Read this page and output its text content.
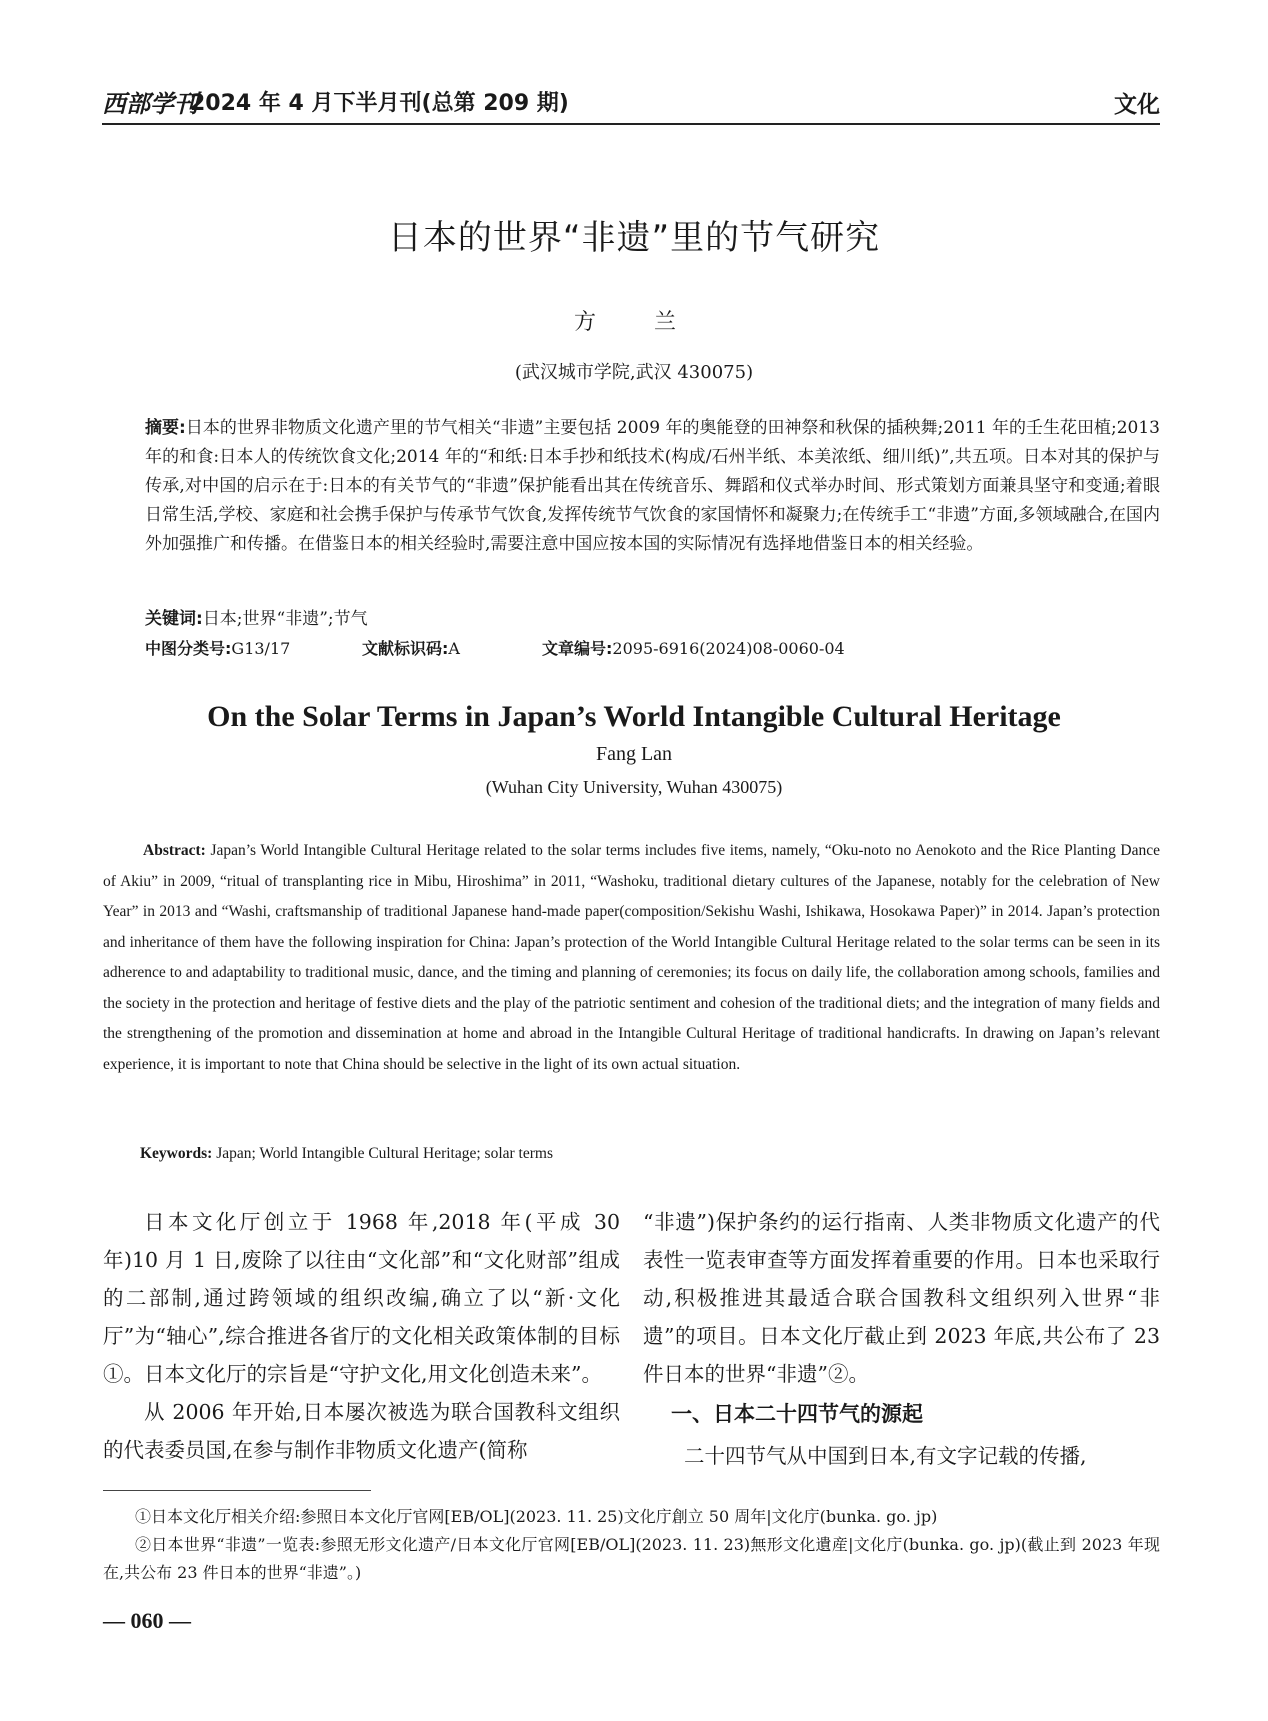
西部学刊
2024 年 4 月下半月刊(总第 209 期)	文化
日本的世界“非遗”里的节气研究
方　兰
(武汉城市学院,武汉 430075)
摘要:日本的世界非物质文化遗产里的节气相关“非遗”主要包括 2009 年的奥能登的田神祭和秋保的插秧舞;2011 年的壬生花田植;2013 年的和食:日本人的传统饮食文化;2014 年的“和纸:日本手抄和纸技术(构成/石州半纸、本美浓纸、细川纸)”,共五项。日本对其的保护与传承,对中国的启示在于:日本的有关节气的“非遗”保护能看出其在传统音乐、舞蹈和仪式举办时间、形式策划方面兼具坚守和变通;着眼日常生活,学校、家庭和社会携手保护与传承节气饮食,发挥传统节气饮食的家国情怀和凝聚力;在传统手工“非遗”方面,多领域融合,在国内外加强推广和传播。在借鉴日本的相关经验时,需要注意中国应按本国的实际情况有选择地借鉴日本的相关经验。
关键词:日本;世界“非遗”;节气
中图分类号:G13/17	文献标识码:A	文章编号:2095-6916(2024)08-0060-04
On the Solar Terms in Japan’s World Intangible Cultural Heritage
Fang Lan
(Wuhan City University, Wuhan 430075)
Abstract: Japan’s World Intangible Cultural Heritage related to the solar terms includes five items, namely, “Oku-noto no Aenokoto and the Rice Planting Dance of Akiu” in 2009, “ritual of transplanting rice in Mibu, Hiroshima” in 2011, “Washoku, traditional dietary cultures of the Japanese, notably for the celebration of New Year” in 2013 and “Washi, craftsmanship of traditional Japanese hand-made paper(composition/Sekishu Washi, Ishikawa, Hosokawa Paper)” in 2014. Japan’s protection and inheritance of them have the following inspiration for China: Japan’s protection of the World Intangible Cultural Heritage related to the solar terms can be seen in its adherence to and adaptability to traditional music, dance, and the timing and planning of ceremonies; its focus on daily life, the collaboration among schools, families and the society in the protection and heritage of festive diets and the play of the patriotic sentiment and cohesion of the traditional diets; and the integration of many fields and the strengthening of the promotion and dissemination at home and abroad in the Intangible Cultural Heritage of traditional handicrafts. In drawing on Japan’s relevant experience, it is important to note that China should be selective in the light of its own actual situation.
Keywords: Japan; World Intangible Cultural Heritage; solar terms

日本文化厅创立于 1968 年,2018 年(平成 30 年)10 月 1 日,废除了以往由“文化部”和“文化财部”组成的二部制,通过跨领域的组织改编,确立了以“新·文化厅”为“轴心”,综合推进各省厅的文化相关政策体制的目标①。日本文化厅的宗旨是“守护文化,用文化创造未来”。

从 2006 年开始,日本屡次被选为联合国教科文组织的代表委员国,在参与制作非物质文化遗产(简称

“非遗”)保护条约的运行指南、人类非物质文化遗产的代表性一览表审查等方面发挥着重要的作用。日本也采取行动,积极推进其最适合联合国教科文组织列入世界“非遗”的项目。日本文化厅截止到 2023 年底,共公布了 23 件日本的世界“非遗”②。

一、日本二十四节气的源起

二十四节气从中国到日本,有文字记载的传播,

①日本文化厅相关介绍:参照日本文化厅官网[EB/OL](2023. 11. 25)文化庁創立 50 周年|文化庁(bunka. go. jp)

②日本世界“非遗”一览表:参照无形文化遗产/日本文化厅官网[EB/OL](2023. 11. 23)無形文化遺産|文化庁(bunka. go. jp)(截止到 2023 年现在,共公布 23 件日本的世界“非遗”。)

— 060 —
